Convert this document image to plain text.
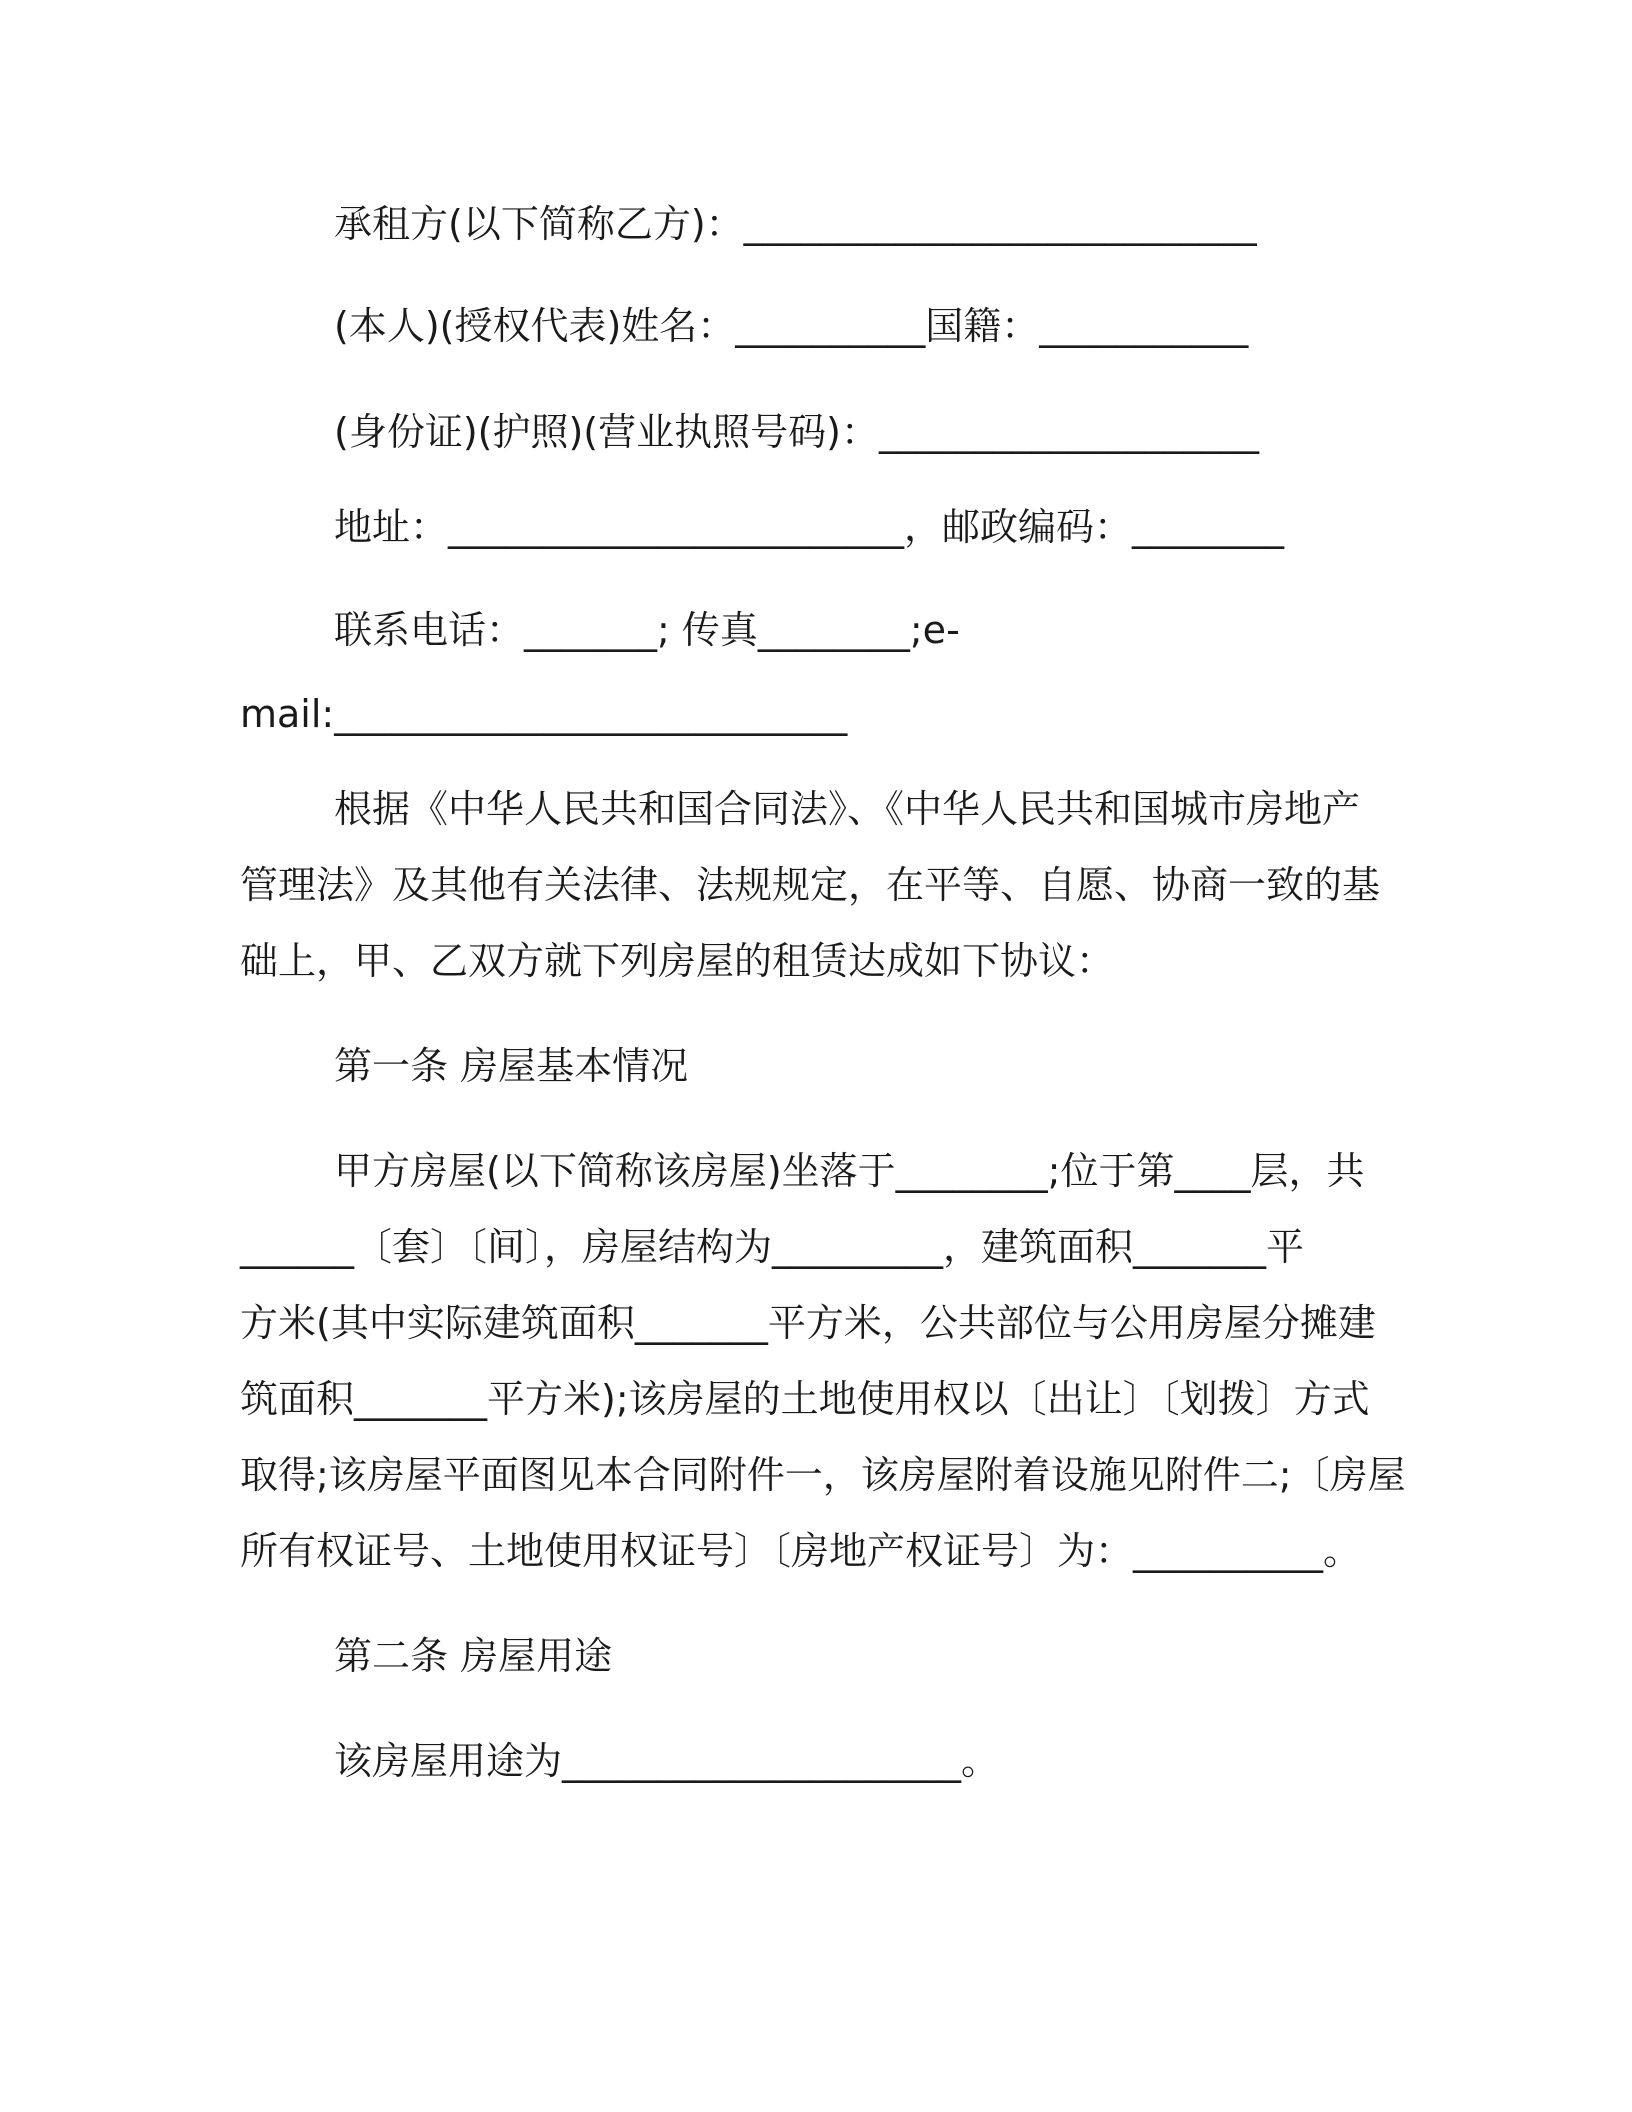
承租方(以下简称乙方)：___________________________
(本人)(授权代表)姓名：__________国籍：___________
(身份证)(护照)(营业执照号码)：____________________
地址：________________________，邮政编码：________
联系电话：_______; 传真________;e-
mail:___________________________
根据《中华人民共和国合同法》、《中华人民共和国城市房地产
管理法》及其他有关法律、法规规定，在平等、自愿、协商一致的基
础上，甲、乙双方就下列房屋的租赁达成如下协议：
第一条 房屋基本情况
甲方房屋(以下简称该房屋)坐落于________;位于第____层，共
______〔套〕〔间〕，房屋结构为_________，建筑面积_______平
方米(其中实际建筑面积_______平方米，公共部位与公用房屋分摊建
筑面积_______平方米);该房屋的土地使用权以〔出让〕〔划拨〕方式
取得;该房屋平面图见本合同附件一，该房屋附着设施见附件二;〔房屋
所有权证号、土地使用权证号〕〔房地产权证号〕为：__________。
第二条 房屋用途
该房屋用途为_____________________。
